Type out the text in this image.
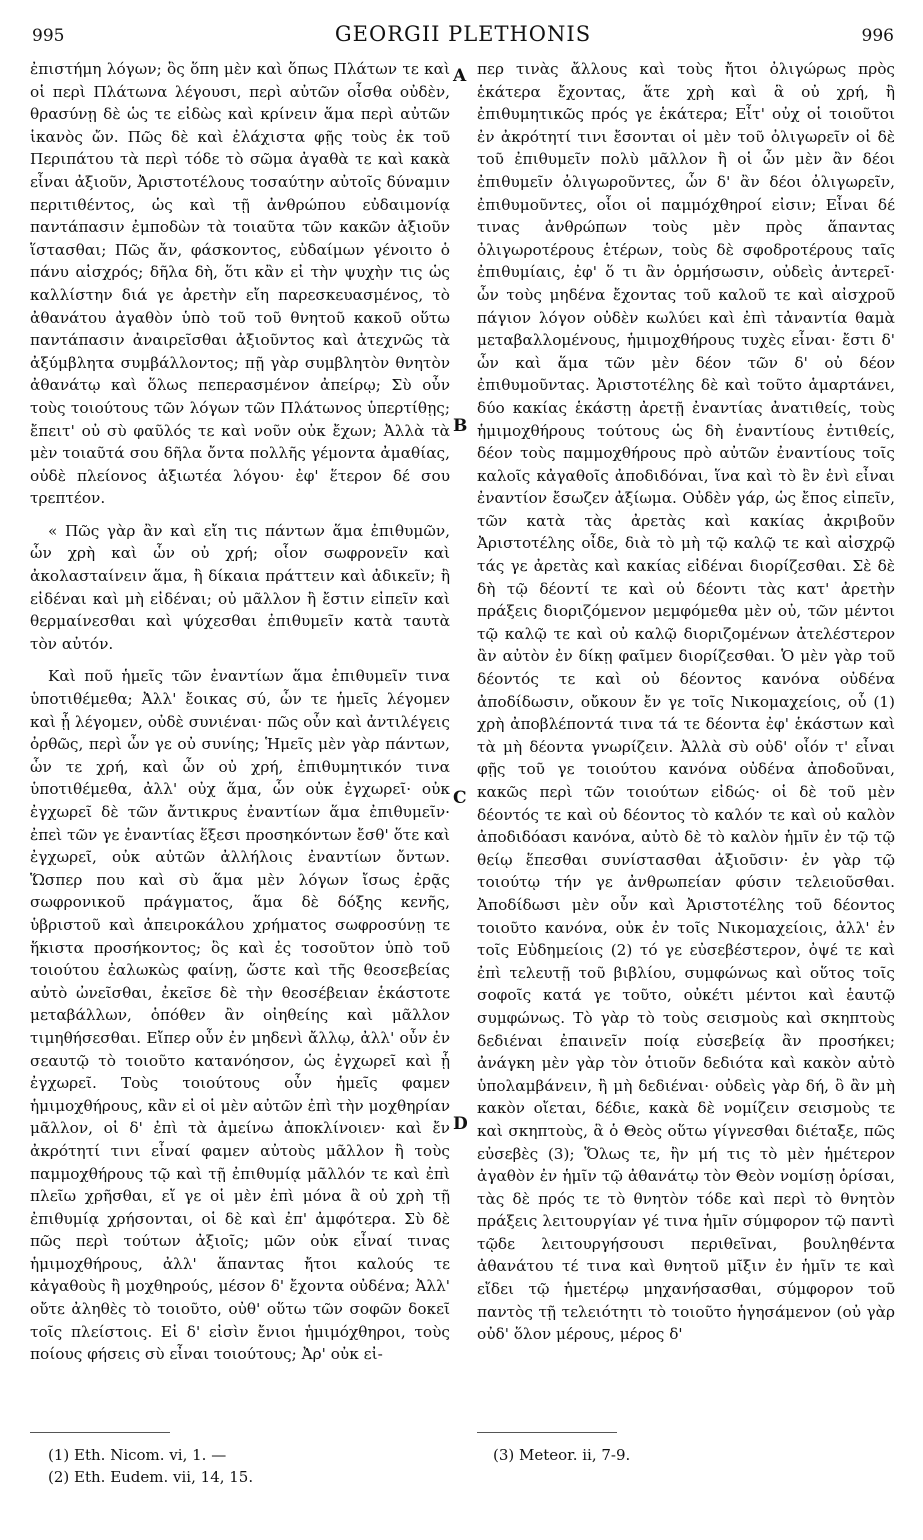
995	GEORGII PLETHONIS	996

ἐπιστήμη λόγων; ὃς ὅπη μὲν καὶ ὅπως Πλάτων τε καὶ οἱ περὶ Πλάτωνα λέγουσι, περὶ αὐτῶν οἶσθα οὐδὲν, θρασύνῃ δὲ ὡς τε εἰδὼς καὶ κρίνειν ἅμα περὶ αὐτῶν ἱκανὸς ὤν. Πῶς δὲ καὶ ἐλάχιστα φῇς τοὺς ἐκ τοῦ Περιπάτου τὰ περὶ τόδε τὸ σῶμα ἀγαθὰ τε καὶ κακὰ εἶναι ἀξιοῦν, Ἀριστοτέλους τοσαύτην αὐτοῖς δύναμιν περιτιθέντος, ὡς καὶ τῇ ἀνθρώπου εὐδαιμονίᾳ παντάπασιν ἐμποδὼν τὰ τοιαῦτα τῶν κακῶν ἀξιοῦν ἵστασθαι; Πῶς ἄν, φάσκοντος, εὐδαίμων γένοιτο ὁ πάνυ αἰσχρός; δῆλα δὴ, ὅτι κἂν εἰ τὴν ψυχὴν τις ὡς καλλίστην διά γε ἀρετὴν εἴη παρεσκευασμένος, τὸ ἀθανάτου ἀγαθὸν ὑπὸ τοῦ τοῦ θνητοῦ κακοῦ οὕτω παντάπασιν ἀναιρεῖσθαι ἀξιοῦντος καὶ ἀτεχνῶς τὰ ἀξύμβλητα συμβάλλοντος; πῇ γὰρ συμβλητὸν θνητὸν ἀθανάτῳ καὶ ὅλως πεπερασμένον ἀπείρῳ; Σὺ οὖν τοὺς τοιούτους τῶν λόγων τῶν Πλάτωνος ὑπερτίθῃς; ἔπειτ' οὐ σὺ φαῦλός τε καὶ νοῦν οὐκ ἔχων; Ἀλλὰ τὰ μὲν τοιαῦτά σου δῆλα ὄντα πολλῆς γέμοντα ἀμαθίας, οὐδὲ πλείονος ἀξιωτέα λόγου· ἐφ' ἕτερον δέ σου τρεπτέον.

« Πῶς γὰρ ἂν καὶ εἴη τις πάντων ἅμα ἐπιθυμῶν, ὧν χρὴ καὶ ὧν οὐ χρή; οἷον σωφρονεῖν καὶ ἀκολασταίνειν ἅμα, ἢ δίκαια πράττειν καὶ ἀδικεῖν; ἢ εἰδέναι καὶ μὴ εἰδέναι; οὐ μᾶλλον ἢ ἔστιν εἰπεῖν καὶ θερμαίνεσθαι καὶ ψύχεσθαι ἐπιθυμεῖν κατὰ ταυτὰ τὸν αὐτόν.

Καὶ ποῦ ἡμεῖς τῶν ἐναντίων ἅμα ἐπιθυμεῖν τινα ὑποτιθέμεθα; Ἀλλ' ἔοικας σύ, ὧν τε ἡμεῖς λέγομεν καὶ ᾗ λέγομεν, οὐδὲ συνιέναι· πῶς οὖν καὶ ἀντιλέγεις ὀρθῶς, περὶ ὧν γε οὐ συνίης; Ἡμεῖς μὲν γὰρ πάντων, ὧν τε χρή, καὶ ὧν οὐ χρή, ἐπιθυμητικόν τινα ὑποτιθέμεθα, ἀλλ' οὐχ ἅμα, ὧν οὐκ ἐγχωρεῖ· οὐκ ἐγχωρεῖ δὲ τῶν ἄντικρυς ἐναντίων ἅμα ἐπιθυμεῖν· ἐπεὶ τῶν γε ἐναντίας ἕξεσι προσηκόντων ἔσθ' ὅτε καὶ ἐγχωρεῖ, οὐκ αὐτῶν ἀλλήλοις ἐναντίων ὄντων. Ὥσπερ που καὶ σὺ ἅμα μὲν λόγων ἴσως ἐρᾷς σωφρονικοῦ πράγματος, ἅμα δὲ δόξης κενῆς, ὑβριστοῦ καὶ ἀπειροκάλου χρήματος σωφροσύνῃ τε ἥκιστα προσήκοντος; ὃς καὶ ἐς τοσοῦτον ὑπὸ τοῦ τοιούτου ἐαλωκὼς φαίνῃ, ὥστε καὶ τῆς θεοσεβείας αὐτὸ ὠνεῖσθαι, ἐκεῖσε δὲ τὴν θεοσέβειαν ἑκάστοτε μεταβάλλων, ὁπόθεν ἂν οἰηθείης καὶ μᾶλλον τιμηθήσεσθαι. Εἴπερ οὖν ἐν μηδενὶ ἄλλῳ, ἀλλ' οὖν ἐν σεαυτῷ τὸ τοιοῦτο κατανόησον, ὡς ἐγχωρεῖ καὶ ᾗ ἐγχωρεῖ. Τοὺς τοιούτους οὖν ἡμεῖς φαμεν ἡμιμοχθήρους, κἂν εἰ οἱ μὲν αὐτῶν ἐπὶ τὴν μοχθηρίαν μᾶλλον, οἱ δ' ἐπὶ τὰ ἀμείνω ἀποκλίνοιεν· καὶ ἔν ἀκρότητί τινι εἶναί φαμεν αὐτοὺς μᾶλλον ἢ τοὺς παμμοχθήρους τῷ καὶ τῇ ἐπιθυμίᾳ μᾶλλόν τε καὶ ἐπὶ πλεῖω χρῆσθαι, εἴ γε οἱ μὲν ἐπὶ μόνα ἃ οὐ χρὴ τῇ ἐπιθυμίᾳ χρήσονται, οἱ δὲ καὶ ἐπ' ἀμφότερα. Σὺ δὲ πῶς περὶ τούτων ἀξιοῖς; μῶν οὐκ εἶναί τινας ἡμιμοχθήρους, ἀλλ' ἅπαντας ἤτοι καλούς τε κἀγαθοὺς ἢ μοχθηρούς, μέσον δ' ἔχοντα οὐδένα; Ἀλλ' οὔτε ἀληθὲς τὸ τοιοῦτο, οὐθ' οὕτω τῶν σοφῶν δοκεῖ τοῖς πλείστοις. Εἰ δ' εἰσὶν ἔνιοι ἡμιμόχθηροι, τοὺς ποίους φήσεις σὺ εἶναι τοιούτους; Ἀρ' οὐκ εἰ-

A
B
C
D

περ τινὰς ἄλλους καὶ τοὺς ἤτοι ὀλιγώρως πρὸς ἑκάτερα ἔχοντας, ἅτε χρὴ καὶ ἃ οὐ χρή, ἢ ἐπιθυμητικῶς πρός γε ἑκάτερα; Εἶτ' οὐχ οἱ τοιοῦτοι ἐν ἀκρότητί τινι ἔσονται οἱ μὲν τοῦ ὀλιγωρεῖν οἱ δὲ τοῦ ἐπιθυμεῖν πολὺ μᾶλλον ἢ οἱ ὧν μὲν ἂν δέοι ἐπιθυμεῖν ὀλιγωροῦντες, ὧν δ' ἂν δέοι ὀλιγωρεῖν, ἐπιθυμοῦντες, οἷοι οἱ παμμόχθηροί εἰσιν; Εἶναι δέ τινας ἀνθρώπων τοὺς μὲν πρὸς ἅπαντας ὀλιγωροτέρους ἑτέρων, τοὺς δὲ σφοδροτέρους ταῖς ἐπιθυμίαις, ἐφ' ὅ τι ἂν ὁρμήσωσιν, οὐδεὶς ἀντερεῖ· ὧν τοὺς μηδένα ἔχοντας τοῦ καλοῦ τε καὶ αἰσχροῦ πάγιον λόγον οὐδὲν κωλύει καὶ ἐπὶ τἀναντία θαμὰ μεταβαλλομένους, ἡμιμοχθήρους τυχὲς εἶναι· ἔστι δ' ὧν καὶ ἅμα τῶν μὲν δέον τῶν δ' οὐ δέον ἐπιθυμοῦντας. Ἀριστοτέλης δὲ καὶ τοῦτο ἁμαρτάνει, δύο κακίας ἑκάστῃ ἀρετῇ ἐναντίας ἀνατιθείς, τοὺς ἡμιμοχθήρους τούτους ὡς δὴ ἐναντίους ἐντιθείς, δέον τοὺς παμμοχθήρους πρὸ αὐτῶν ἐναντίους τοῖς καλοῖς κἀγαθοῖς ἀποδιδόναι, ἵνα καὶ τὸ ἓν ἑνὶ εἶναι ἐναντίον ἔσωζεν ἀξίωμα. Οὐδὲν γάρ, ὡς ἔπος εἰπεῖν, τῶν κατὰ τὰς ἀρετὰς καὶ κακίας ἀκριβοῦν Ἀριστοτέλης οἶδε, διὰ τὸ μὴ τῷ καλῷ τε καὶ αἰσχρῷ τάς γε ἀρετὰς καὶ κακίας εἰδέναι διορίζεσθαι. Σὲ δὲ δὴ τῷ δέοντί τε καὶ οὐ δέοντι τὰς κατ' ἀρετὴν πράξεις διοριζόμενον μεμφόμεθα μὲν οὐ, τῶν μέντοι τῷ καλῷ τε καὶ οὐ καλῷ διοριζομένων ἀτελέστερον ἂν αὐτὸν ἐν δίκῃ φαῖμεν διορίζεσθαι. Ὁ μὲν γὰρ τοῦ δέοντός τε καὶ οὐ δέοντος κανόνα οὐδένα ἀποδίδωσιν, οὔκουν ἔν γε τοῖς Νικομαχείοις, οὗ (1) χρὴ ἀποβλέποντά τινα τά τε δέοντα ἐφ' ἑκάστων καὶ τὰ μὴ δέοντα γνωρίζειν. Ἀλλὰ σὺ οὐδ' οἷόν τ' εἶναι φῇς τοῦ γε τοιούτου κανόνα οὐδένα ἀποδοῦναι, κακῶς περὶ τῶν τοιούτων εἰδώς· οἱ δὲ τοῦ μὲν δέοντός τε καὶ οὐ δέοντος τὸ καλόν τε καὶ οὐ καλὸν ἀποδιδόασι κανόνα, αὐτὸ δὲ τὸ καλὸν ἡμῖν ἐν τῷ τῷ θείῳ ἕπεσθαι συνίστασθαι ἀξιοῦσιν· ἐν γὰρ τῷ τοιούτῳ τήν γε ἀνθρωπείαν φύσιν τελειοῦσθαι. Ἀποδίδωσι μὲν οὖν καὶ Ἀριστοτέλης τοῦ δέοντος τοιοῦτο κανόνα, οὐκ ἐν τοῖς Νικομαχείοις, ἀλλ' ἐν τοῖς Εὐδημείοις (2) τό γε εὐσεβέστερον, ὀψέ τε καὶ ἐπὶ τελευτῇ τοῦ βιβλίου, συμφώνως καὶ οὕτος τοῖς σοφοῖς κατά γε τοῦτο, οὐκέτι μέντοι καὶ ἑαυτῷ συμφώνως. Τὸ γὰρ τὸ τοὺς σεισμοὺς καὶ σκηπτοὺς δεδιέναι ἐπαινεῖν ποίᾳ εὐσεβείᾳ ἂν προσήκει; ἀνάγκη μὲν γὰρ τὸν ὁτιοῦν δεδιότα καὶ κακὸν αὐτὸ ὑπολαμβάνειν, ἢ μὴ δεδιέναι· οὐδεὶς γὰρ δή, ὃ ἂν μὴ κακὸν οἴεται, δέδιε, κακὰ δὲ νομίζειν σεισμοὺς τε καὶ σκηπτοὺς, ἃ ὁ Θεὸς οὕτω γίγνεσθαι διέταξε, πῶς εὐσεβὲς (3); Ὅλως τε, ἢν μή τις τὸ μὲν ἡμέτερον ἀγαθὸν ἐν ἡμῖν τῷ ἀθανάτῳ τὸν Θεὸν νομίσῃ ὁρίσαι, τὰς δὲ πρός τε τὸ θνητὸν τόδε καὶ περὶ τὸ θνητὸν πράξεις λειτουργίαν γέ τινα ἡμῖν σύμφορον τῷ παντὶ τῷδε λειτουργήσουσι περιθεῖναι, βουληθέντα ἀθανάτου τέ τινα καὶ θνητοῦ μῖξιν ἐν ἡμῖν τε καὶ εἴδει τῷ ἡμετέρῳ μηχανήσασθαι, σύμφορον τοῦ παντὸς τῇ τελειότητι τὸ τοιοῦτο ἡγησάμενον (οὐ γὰρ οὐδ' ὅλον μέρους, μέρος δ'

(1) Eth. Nicom. vi, 1. —
(2) Eth. Eudem. vii, 14, 15.
(3) Meteor. ii, 7-9.
